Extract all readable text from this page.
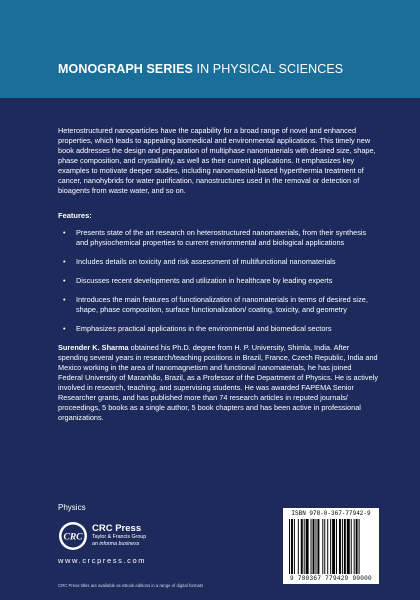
MONOGRAPH SERIES IN PHYSICAL SCIENCES

Heterostructured nanoparticles have the capability for a broad range of novel and enhanced properties, which leads to appealing biomedical and environmental applications. This timely new book addresses the design and preparation of multiphase nanomaterials with desired size, shape, phase composition, and crystallinity, as well as their current applications. It emphasizes key examples to motivate deeper studies, including nanomaterial-based hyperthermia treatment of cancer, nanohybrids for water purification, nanostructures used in the removal or detection of bioagents from waste water, and so on.

Features:
• Presents state of the art research on heterostructured nanomaterials, from their synthesis and physiochemical properties to current environmental and biological applications
• Includes details on toxicity and risk assessment of multifunctional nanomaterials
• Discusses recent developments and utilization in healthcare by leading experts
• Introduces the main features of functionalization of nanomaterials in terms of desired size, shape, phase composition, surface functionalization/ coating, toxicity, and geometry
• Emphasizes practical applications in the environmental and biomedical sectors

Surender K. Sharma obtained his Ph.D. degree from H. P. University, Shimla, India. After spending several years in research/teaching positions in Brazil, France, Czech Republic, India and Mexico working in the area of nanomagnetism and functional nanomaterials, he has joined Federal University of Maranhão, Brazil, as a Professor of the Department of Physics. He is actively involved in research, teaching, and supervising students. He was awarded FAPEMA Senior Researcher grants, and has published more than 74 research articles in reputed journals/ proceedings, 5 books as a single author, 5 book chapters and has been active in professional organizations.

Physics
CRC
CRC Press
Taylor & Francis Group
an informa business
www.crcpress.com
CRC Press titles are available as eBook editions in a range of digital formats
ISBN 978-0-367-77942-9
9 780367 779429 90000
